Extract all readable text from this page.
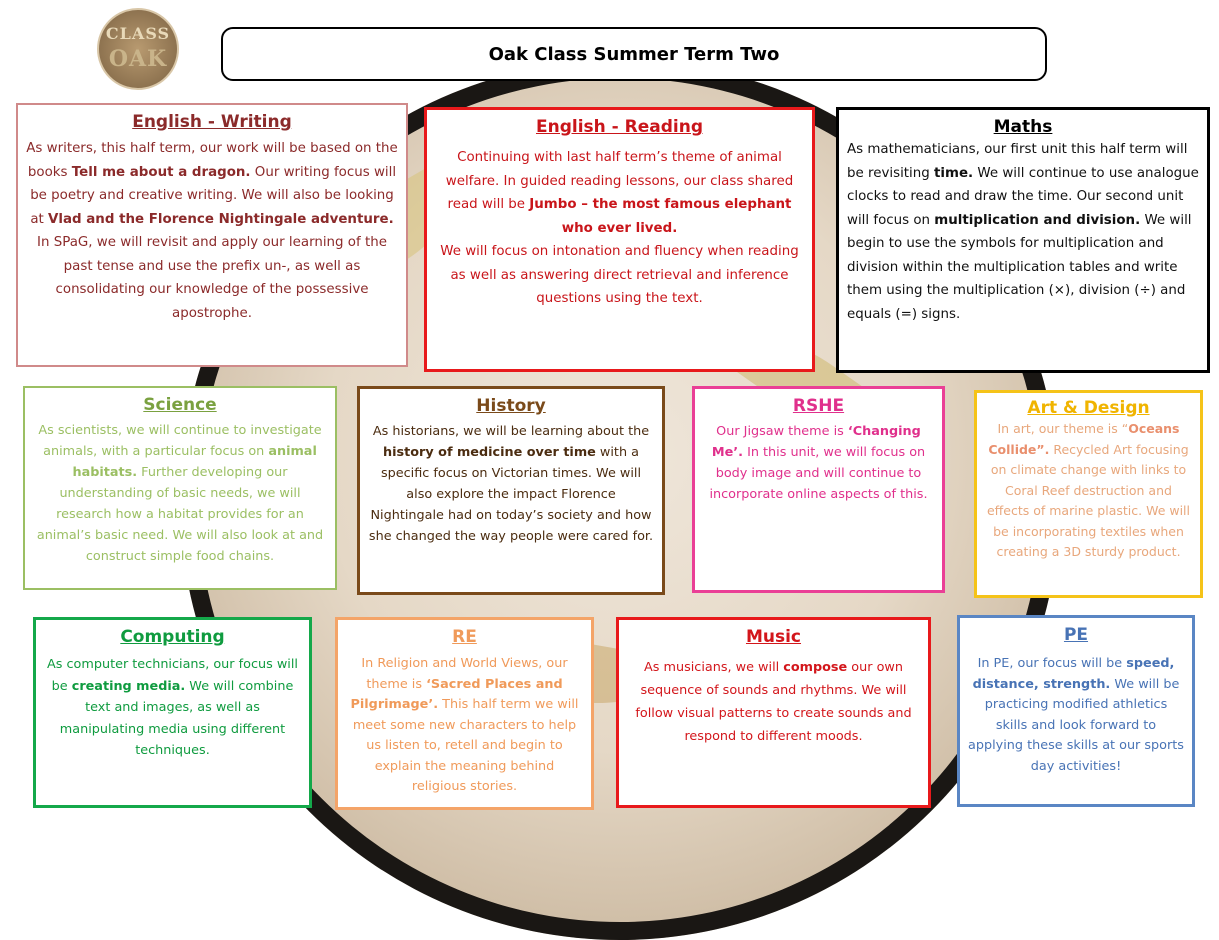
CLASS
OAK	Oak Class Summer Term Two
English - Writing

As writers, this half term, our work will be based on the books Tell me about a dragon. Our writing focus will be poetry and creative writing. We will also be looking at Vlad and the Florence Nightingale adventure. In SPaG, we will revisit and apply our learning of the past tense and use the prefix un-, as well as consolidating our knowledge of the possessive apostrophe.

English - Reading

Continuing with last half term’s theme of animal welfare. In guided reading lessons, our class shared read will be Jumbo – the most famous elephant who ever lived.

We will focus on intonation and fluency when reading as well as answering direct retrieval and inference questions using the text.

Maths

As mathematicians, our first unit this half term will be revisiting time. We will continue to use analogue clocks to read and draw the time. Our second unit will focus on multiplication and division. We will begin to use the symbols for multiplication and division within the multiplication tables and write them using the multiplication (×), division (÷) and equals (=) signs.

Science

As scientists, we will continue to investigate animals, with a particular focus on animal habitats. Further developing our understanding of basic needs, we will research how a habitat provides for an animal’s basic need. We will also look at and construct simple food chains.

History

As historians, we will be learning about the history of medicine over time with a specific focus on Victorian times. We will also explore the impact Florence Nightingale had on today’s society and how she changed the way people were cared for.

RSHE

Our Jigsaw theme is ‘Changing Me’. In this unit, we will focus on body image and will continue to incorporate online aspects of this.

Art & Design

In art, our theme is “Oceans Collide”. Recycled Art focusing on climate change with links to Coral Reef destruction and effects of marine plastic. We will be incorporating textiles when creating a 3D sturdy product.

Computing

As computer technicians, our focus will be creating media. We will combine text and images, as well as manipulating media using different techniques.

RE

In Religion and World Views, our theme is ‘Sacred Places and Pilgrimage’. This half term we will meet some new characters to help us listen to, retell and begin to explain the meaning behind religious stories.

Music

As musicians, we will compose our own sequence of sounds and rhythms. We will follow visual patterns to create sounds and respond to different moods.

PE

In PE, our focus will be speed, distance, strength. We will be practicing modified athletics skills and look forward to applying these skills at our sports day activities!
